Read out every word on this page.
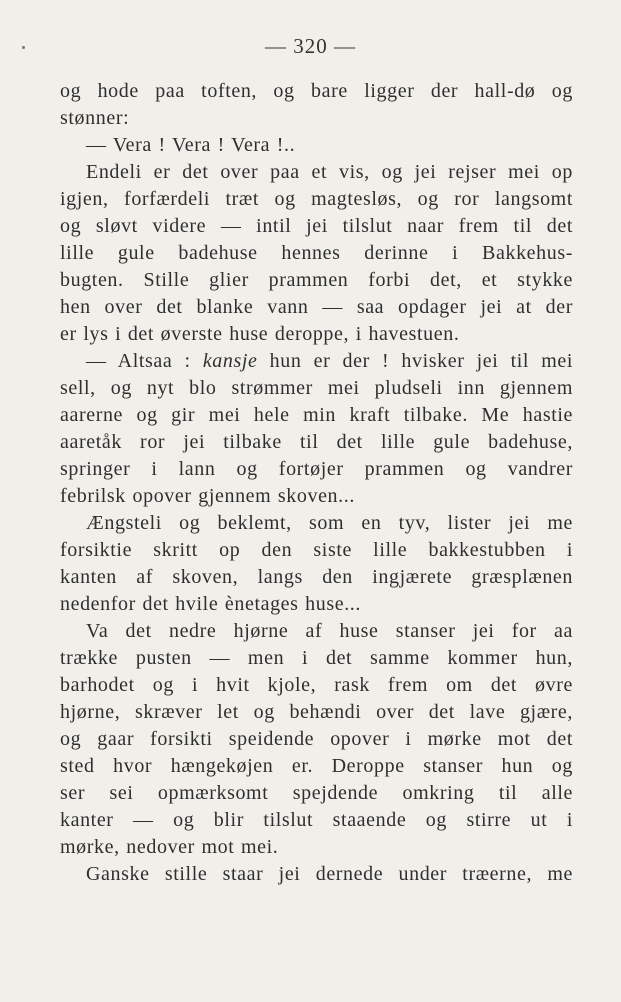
— 320 —
og hode paa toften, og bare ligger der hall-dø og
stønner:
— Vera ! Vera ! Vera !..
Endeli er det over paa et vis, og jei rejser mei op
igjen, forfærdeli træt og magtesløs, og ror langsomt
og sløvt videre — intil jei tilslut naar frem til det
lille gule badehuse hennes derinne i Bakkehus-
bugten. Stille glier prammen forbi det, et stykke
hen over det blanke vann — saa opdager jei at der
er lys i det øverste huse deroppe, i havestuen.
— Altsaa : kansje hun er der ! hvisker jei til mei
sell, og nyt blo strømmer mei pludseli inn gjennem
aarerne og gir mei hele min kraft tilbake. Me hastie
aaretåk ror jei tilbake til det lille gule badehuse,
springer i lann og fortøjer prammen og vandrer
febrilsk opover gjennem skoven...
Ængsteli og beklemt, som en tyv, lister jei me
forsiktie skritt op den siste lille bakkestubben i
kanten af skoven, langs den ingjærete græsplænen
nedenfor det hvile ènetages huse...
Va det nedre hjørne af huse stanser jei for aa
trække pusten — men i det samme kommer hun,
barhodet og i hvit kjole, rask frem om det øvre
hjørne, skræver let og behændi over det lave gjære,
og gaar forsikti speidende opover i mørke mot det
sted hvor hængekøjen er. Deroppe stanser hun og
ser sei opmærksomt spejdende omkring til alle
kanter — og blir tilslut staaende og stirre ut i
mørke, nedover mot mei.
Ganske stille staar jei dernede under træerne, me
